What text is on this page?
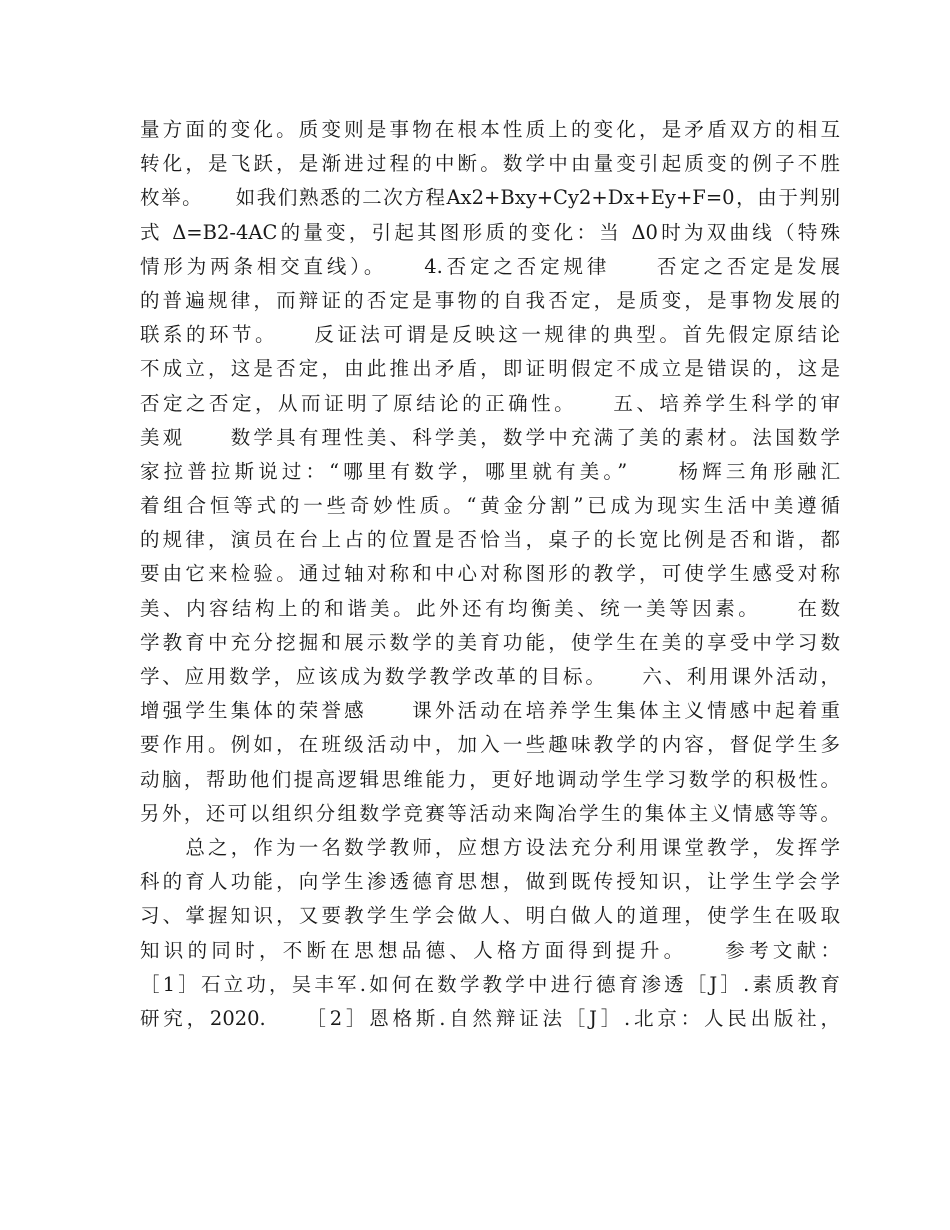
量方面的变化。质变则是事物在根本性质上的变化，是矛盾双方的相互
转化，是飞跃，是渐进过程的中断。数学中由量变引起质变的例子不胜
枚举。　　如我们熟悉的二次方程Ax2+Bxy+Cy2+Dx+Ey+F=0，由于判别
式 Δ=B2-4AC的量变，引起其图形质的变化：当 Δ0时为双曲线（特殊
情形为两条相交直线）。　　4.否定之否定规律　　否定之否定是发展
的普遍规律，而辩证的否定是事物的自我否定，是质变，是事物发展的
联系的环节。　　反证法可谓是反映这一规律的典型。首先假定原结论
不成立，这是否定，由此推出矛盾，即证明假定不成立是错误的，这是
否定之否定，从而证明了原结论的正确性。　　五、培养学生科学的审
美观　　数学具有理性美、科学美，数学中充满了美的素材。法国数学
家拉普拉斯说过：“哪里有数学，哪里就有美。”　　杨辉三角形融汇
着组合恒等式的一些奇妙性质。“黄金分割”已成为现实生活中美遵循
的规律，演员在台上占的位置是否恰当，桌子的长宽比例是否和谐，都
要由它来检验。通过轴对称和中心对称图形的教学，可使学生感受对称
美、内容结构上的和谐美。此外还有均衡美、统一美等因素。　　在数
学教育中充分挖掘和展示数学的美育功能，使学生在美的享受中学习数
学、应用数学，应该成为数学教学改革的目标。　　六、利用课外活动，
增强学生集体的荣誉感　　课外活动在培养学生集体主义情感中起着重
要作用。例如，在班级活动中，加入一些趣味教学的内容，督促学生多
动脑，帮助他们提高逻辑思维能力，更好地调动学生学习数学的积极性。
另外，还可以组织分组数学竞赛等活动来陶冶学生的集体主义情感等等。
　　总之，作为一名数学教师，应想方设法充分利用课堂教学，发挥学
科的育人功能，向学生渗透德育思想，做到既传授知识，让学生学会学
习、掌握知识，又要教学生学会做人、明白做人的道理，使学生在吸取
知识的同时，不断在思想品德、人格方面得到提升。　　参考文献：
［1］石立功，吴丰军.如何在数学教学中进行德育渗透［J］.素质教育
研究，2020.　　［2］恩格斯.自然辩证法［J］.北京：人民出版社，
